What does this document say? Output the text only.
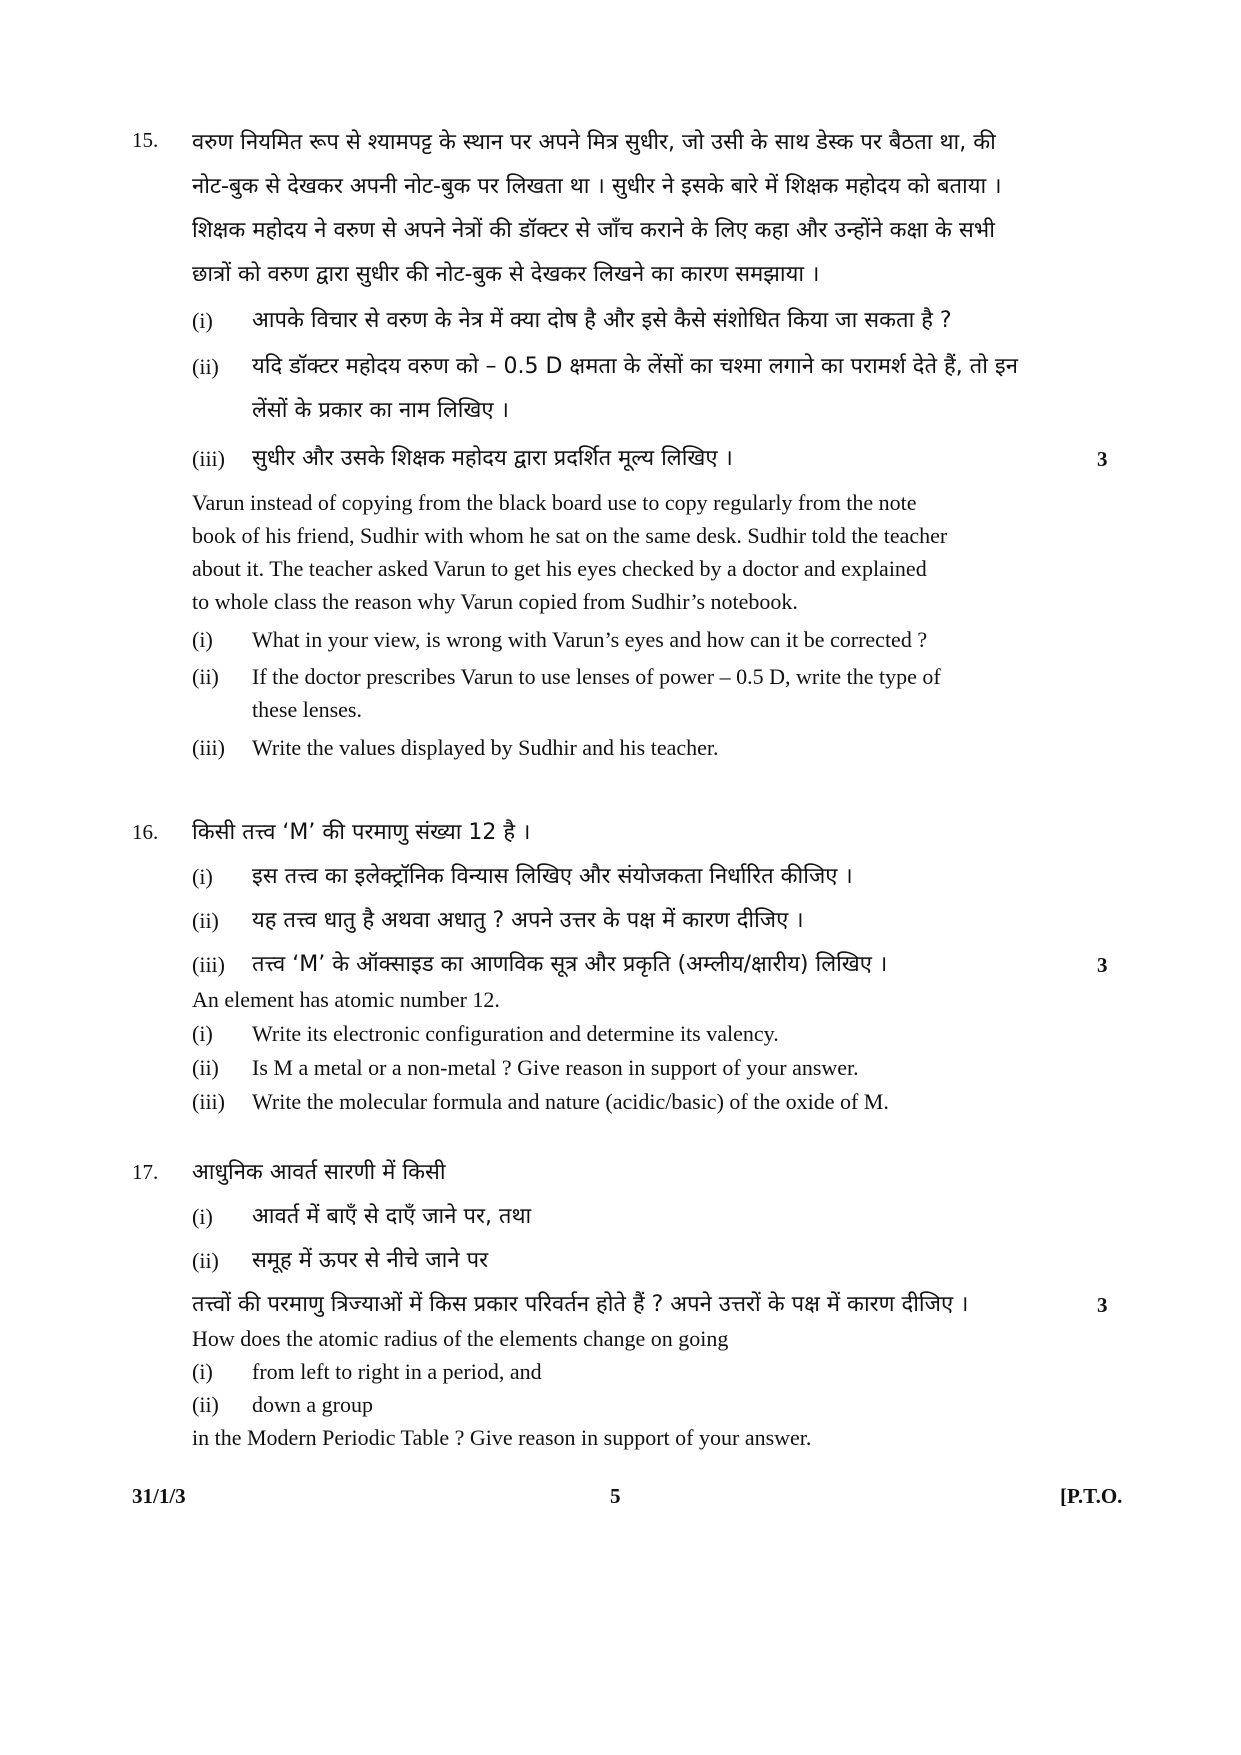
15. वरुण नियमित रूप से श्यामपट्ट के स्थान पर अपने मित्र सुधीर, जो उसी के साथ डेस्क पर बैठता था, की
नोट-बुक से देखकर अपनी नोट-बुक पर लिखता था । सुधीर ने इसके बारे में शिक्षक महोदय को बताया ।
शिक्षक महोदय ने वरुण से अपने नेत्रों की डॉक्टर से जाँच कराने के लिए कहा और उन्होंने कक्षा के सभी
छात्रों को वरुण द्वारा सुधीर की नोट-बुक से देखकर लिखने का कारण समझाया ।
(i) आपके विचार से वरुण के नेत्र में क्या दोष है और इसे कैसे संशोधित किया जा सकता है ?
(ii) यदि डॉक्टर महोदय वरुण को – 0.5 D क्षमता के लेंसों का चश्मा लगाने का परामर्श देते हैं, तो इन
लेंसों के प्रकार का नाम लिखिए ।
(iii) सुधीर और उसके शिक्षक महोदय द्वारा प्रदर्शित मूल्य लिखिए ।	3
Varun instead of copying from the black board use to copy regularly from the note
book of his friend, Sudhir with whom he sat on the same desk. Sudhir told the teacher
about it. The teacher asked Varun to get his eyes checked by a doctor and explained
to whole class the reason why Varun copied from Sudhir’s notebook.
(i) What in your view, is wrong with Varun’s eyes and how can it be corrected ?
(ii) If the doctor prescribes Varun to use lenses of power – 0.5 D, write the type of
these lenses.
(iii) Write the values displayed by Sudhir and his teacher.
16. किसी तत्त्व ‘M’ की परमाणु संख्या 12 है ।
(i) इस तत्त्व का इलेक्ट्रॉनिक विन्यास लिखिए और संयोजकता निर्धारित कीजिए ।
(ii) यह तत्त्व धातु है अथवा अधातु ? अपने उत्तर के पक्ष में कारण दीजिए ।
(iii) तत्त्व ‘M’ के ऑक्साइड का आणविक सूत्र और प्रकृति (अम्लीय/क्षारीय) लिखिए ।	3
An element has atomic number 12.
(i) Write its electronic configuration and determine its valency.
(ii) Is M a metal or a non-metal ? Give reason in support of your answer.
(iii) Write the molecular formula and nature (acidic/basic) of the oxide of M.
17. आधुनिक आवर्त सारणी में किसी
(i) आवर्त में बाएँ से दाएँ जाने पर, तथा
(ii) समूह में ऊपर से नीचे जाने पर
तत्त्वों की परमाणु त्रिज्याओं में किस प्रकार परिवर्तन होते हैं ? अपने उत्तरों के पक्ष में कारण दीजिए ।	3
How does the atomic radius of the elements change on going
(i) from left to right in a period, and
(ii) down a group
in the Modern Periodic Table ? Give reason in support of your answer.
31/1/3	5	[P.T.O.
